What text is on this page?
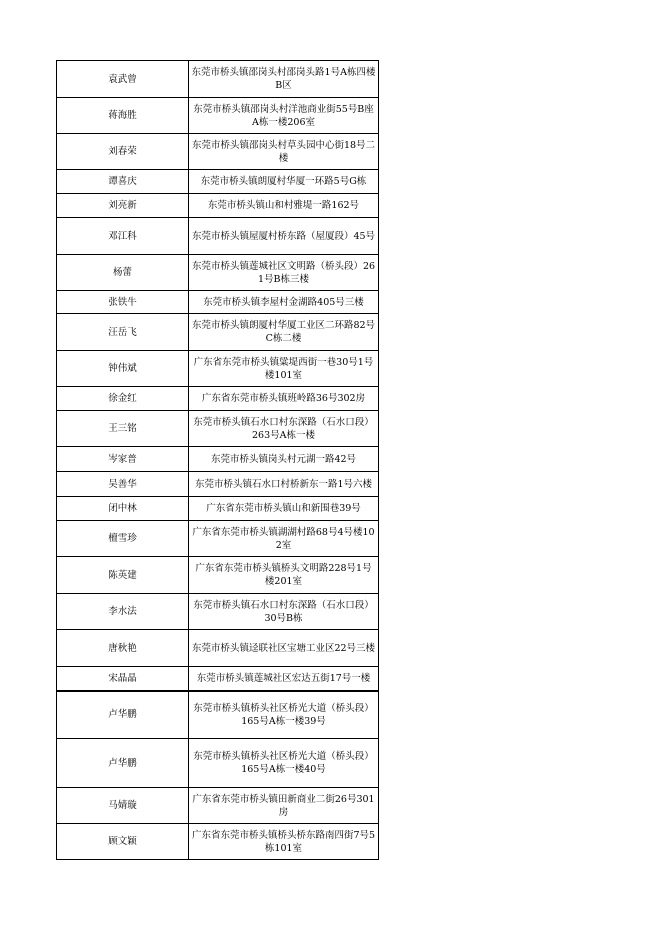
袁武曾	东莞市桥头镇邵岗头村邵岗头路1号A栋四楼B区
蒋海胜	东莞市桥头镇邵岗头村洋池商业街55号B座A栋一楼206室
刘春荣	东莞市桥头镇邵岗头村草头园中心街18号二楼
谭喜庆	东莞市桥头镇朗厦村华厦一环路5号G栋
刘亮新	东莞市桥头镇山和村雅堤一路162号
邓江科	东莞市桥头镇屋厦村桥东路（屋厦段）45号
杨蕾	东莞市桥头镇莲城社区文明路（桥头段）261号B栋三楼
张铁牛	东莞市桥头镇李屋村金湖路405号三楼
汪岳飞	东莞市桥头镇朗厦村华厦工业区二环路82号C栋二楼
钟伟斌	广东省东莞市桥头镇粱堤西街一巷30号1号楼101室
徐金红	广东省东莞市桥头镇班岭路36号302房
王三铭	东莞市桥头镇石水口村东深路（石水口段）263号A栋一楼
岑家普	东莞市桥头镇岗头村元湖一路42号
吴善华	东莞市桥头镇石水口村桥新东一路1号六楼
闭中林	广东省东莞市桥头镇山和新围巷39号
檀雪珍	广东省东莞市桥头镇湖湖村路68号4号楼102室
陈英建	广东省东莞市桥头镇桥头文明路228号1号楼201室
李水法	东莞市桥头镇石水口村东深路（石水口段）30号B栋
唐秋艳	东莞市桥头镇迳联社区宝塘工业区22号三楼
宋晶晶	东莞市桥头镇莲城社区宏达五街17号一楼
卢华鹏	东莞市桥头镇桥头社区桥光大道（桥头段）165号A栋一楼39号
卢华鹏	东莞市桥头镇桥头社区桥光大道（桥头段）165号A栋一楼40号
马婧璇	广东省东莞市桥头镇田新商业二街26号301房
顾文颖	广东省东莞市桥头镇桥头桥东路南四街7号5栋101室
